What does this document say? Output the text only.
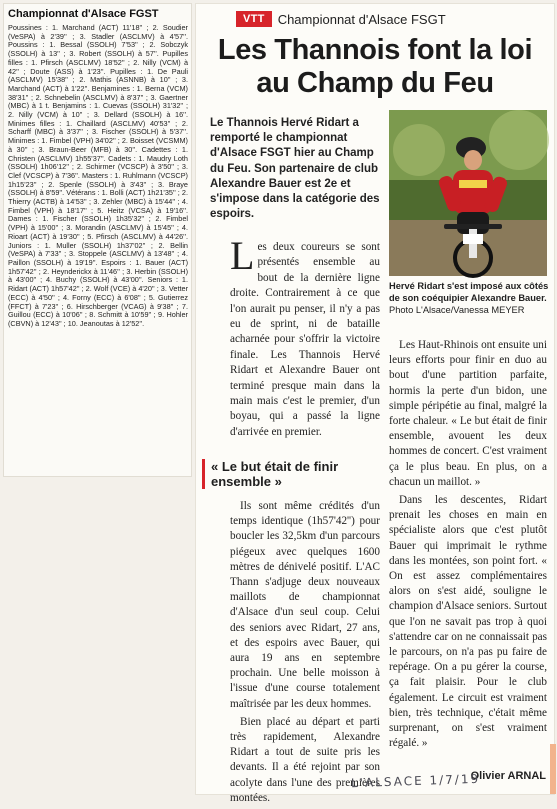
Championnat d'Alsace FGST
Poussines : 1. Marchand (ACT) 11'18'' ; 2. Soudier (VeSPA) à 2'39'' ; 3. Stadler (ASCLMV) à 4'57''. Poussins : 1. Bessal (SSOLH) 7'53'' ; 2. Sobczyk (SSOLH) à 13'' ; 3. Robert (SSOLH) à 57''. Pupilles filles : 1. Pfirsch (ASCLMV) 18'52'' ; 2. Nilly (VCM) à 42'' ; Doute (ASS) à 1'23''. Pupilles : 1. De Pauli (ASCLMV) 15'38'' ; 2. Mathis (ASNNB) à 10'' ; 3. Marchand (ACT) à 1'22''. Benjamines : 1. Berna (VCM) 38'31'' ; 2. Schnebelin (ASCLMV) à 8'37'' ; 3. Gaertner (MBC) à 1 t. Benjamins : 1. Cuevas (SSOLH) 31'32'' ; 2. Nilly (VCM) à 10'' ; 3. Dellard (SSOLH) à 16''. Minimes filles : 1. Chaillard (ASCLMV) 40'53'' ; 2. Scharff (MBC) à 3'37'' ; 3. Fischer (SSOLH) à 5'37''. Minimes : 1. Fimbel (VPH) 34'02'' ; 2. Boisset (VCSMM) à 30'' ; 3. Braun-Beer (MFB) à 30''. Cadettes : 1. Christen (ASCLMV) 1h55'37''. Cadets : 1. Maudry Loth (SSOLH) 1h06'12'' ; 2. Schirmer (VCSCP) à 3'50'' ; 3. Clef (VCSCP) à 7'36''. Masters : 1. Ruhlmann (VCSCP) 1h15'23'' ; 2. Spenle (SSOLH) à 3'43'' ; 3. Braye (SSOLH) à 8'59''. Vétérans : 1. Bolli (ACT) 1h21'35'' ; 2. Thierry (ACTB) à 14'53'' ; 3. Zehler (MBC) à 15'44'' ; 4. Fimbel (VPH) à 18'17'' ; 5. Heitz (VCSA) à 19'16''. Dames : 1. Fischer (SSOLH) 1h35'32'' ; 2. Fimbel (VPH) à 15'00'' ; 3. Morandin (ASCLMV) à 15'45'' ; 4. Rioart (ACT) à 19'30'' ; 5. Pfirsch (ASCLMV) à 44'26''. Juniors : 1. Muller (SSOLH) 1h37'02'' ; 2. Bellin (VeSPA) à 7'33'' ; 3. Stoppele (ASCLMV) à 13'48'' ; 4. Paillon (SSOLH) à 19'19''. Espoirs : 1. Bauer (ACT) 1h57'42'' ; 2. Heynderickx à 11'46'' ; 3. Herbin (SSOLH) à 43'00'' ; 4. Buchy (SSOLH) à 43'00''. Seniors : 1. Ridart (ACT) 1h57'42'' ; 2. Wolf (VCE) à 4'20'' ; 3. Vetter (ECC) à 4'50'' ; 4. Forny (ECC) à 6'08'' ; 5. Gutierrez (FFCT) à 7'23'' ; 6. Hirschberger (VCAG) à 9'38'' ; 7. Guillou (ECC) à 10'06'' ; 8. Schmitt à 10'59'' ; 9. Hohler (CBVN) à 12'43'' ; 10. Jeanoutas à 12'52''.
VTT	Championnat d'Alsace FSGT
Les Thannois font la loi au Champ du Feu
Le Thannois Hervé Ridart a remporté le championnat d'Alsace FSGT hier au Champ du Feu. Son partenaire de club Alexandre Bauer est 2e et s'impose dans la catégorie des espoirs.
Hervé Ridart s'est imposé aux côtés de son coéquipier Alexandre Bauer. Photo L'Alsace/Vanessa MEYER

Les deux coureurs se sont présentés ensemble au bout de la dernière ligne droite. Contrairement à ce que l'on aurait pu penser, il n'y a pas eu de sprint, ni de bataille acharnée pour s'offrir la victoire finale. Les Thannois Hervé Ridart et Alexandre Bauer ont terminé presque main dans la main mais c'est le premier, d'un boyau, qui a passé la ligne d'arrivée en premier.

« Le but était de finir ensemble »

Ils sont même crédités d'un temps identique (1h57'42'') pour boucler les 32,5km d'un parcours piégeux avec quelques 1600 mètres de dénivelé positif. L'AC Thann s'adjuge deux nouveaux maillots de championnat d'Alsace d'un seul coup. Celui des seniors avec Ridart, 27 ans, et des espoirs avec Bauer, qui aura 19 ans en septembre prochain. Une belle moisson à l'issue d'une course totalement maîtrisée par les deux hommes.

Bien placé au départ et parti très rapidement, Alexandre Ridart a tout de suite pris les devants. Il a été rejoint par son acolyte dans l'une des premières montées.

Les Haut-Rhinois ont ensuite uni leurs efforts pour finir en duo au bout d'une partition parfaite, hormis la perte d'un bidon, une simple péripétie au final, malgré la forte chaleur. « Le but était de finir ensemble, avouent les deux hommes de concert. C'est vraiment ça le plus beau. En plus, on a chacun un maillot. »

Dans les descentes, Ridart prenait les choses en main en spécialiste alors que c'est plutôt Bauer qui imprimait le rythme dans les montées, son point fort. « On est assez complémentaires alors on s'est aidé, souligne le champion d'Alsace seniors. Surtout que l'on ne savait pas trop à quoi s'attendre car on ne connaissait pas le parcours, on n'a pas pu faire de repérage. On a pu gérer la course, ça fait plaisir. Pour le club également. Le circuit est vraiment bien, très technique, c'était même surprenant, on s'est vraiment régalé. »

Olivier ARNAL
L'ALSACE 1/7/19
